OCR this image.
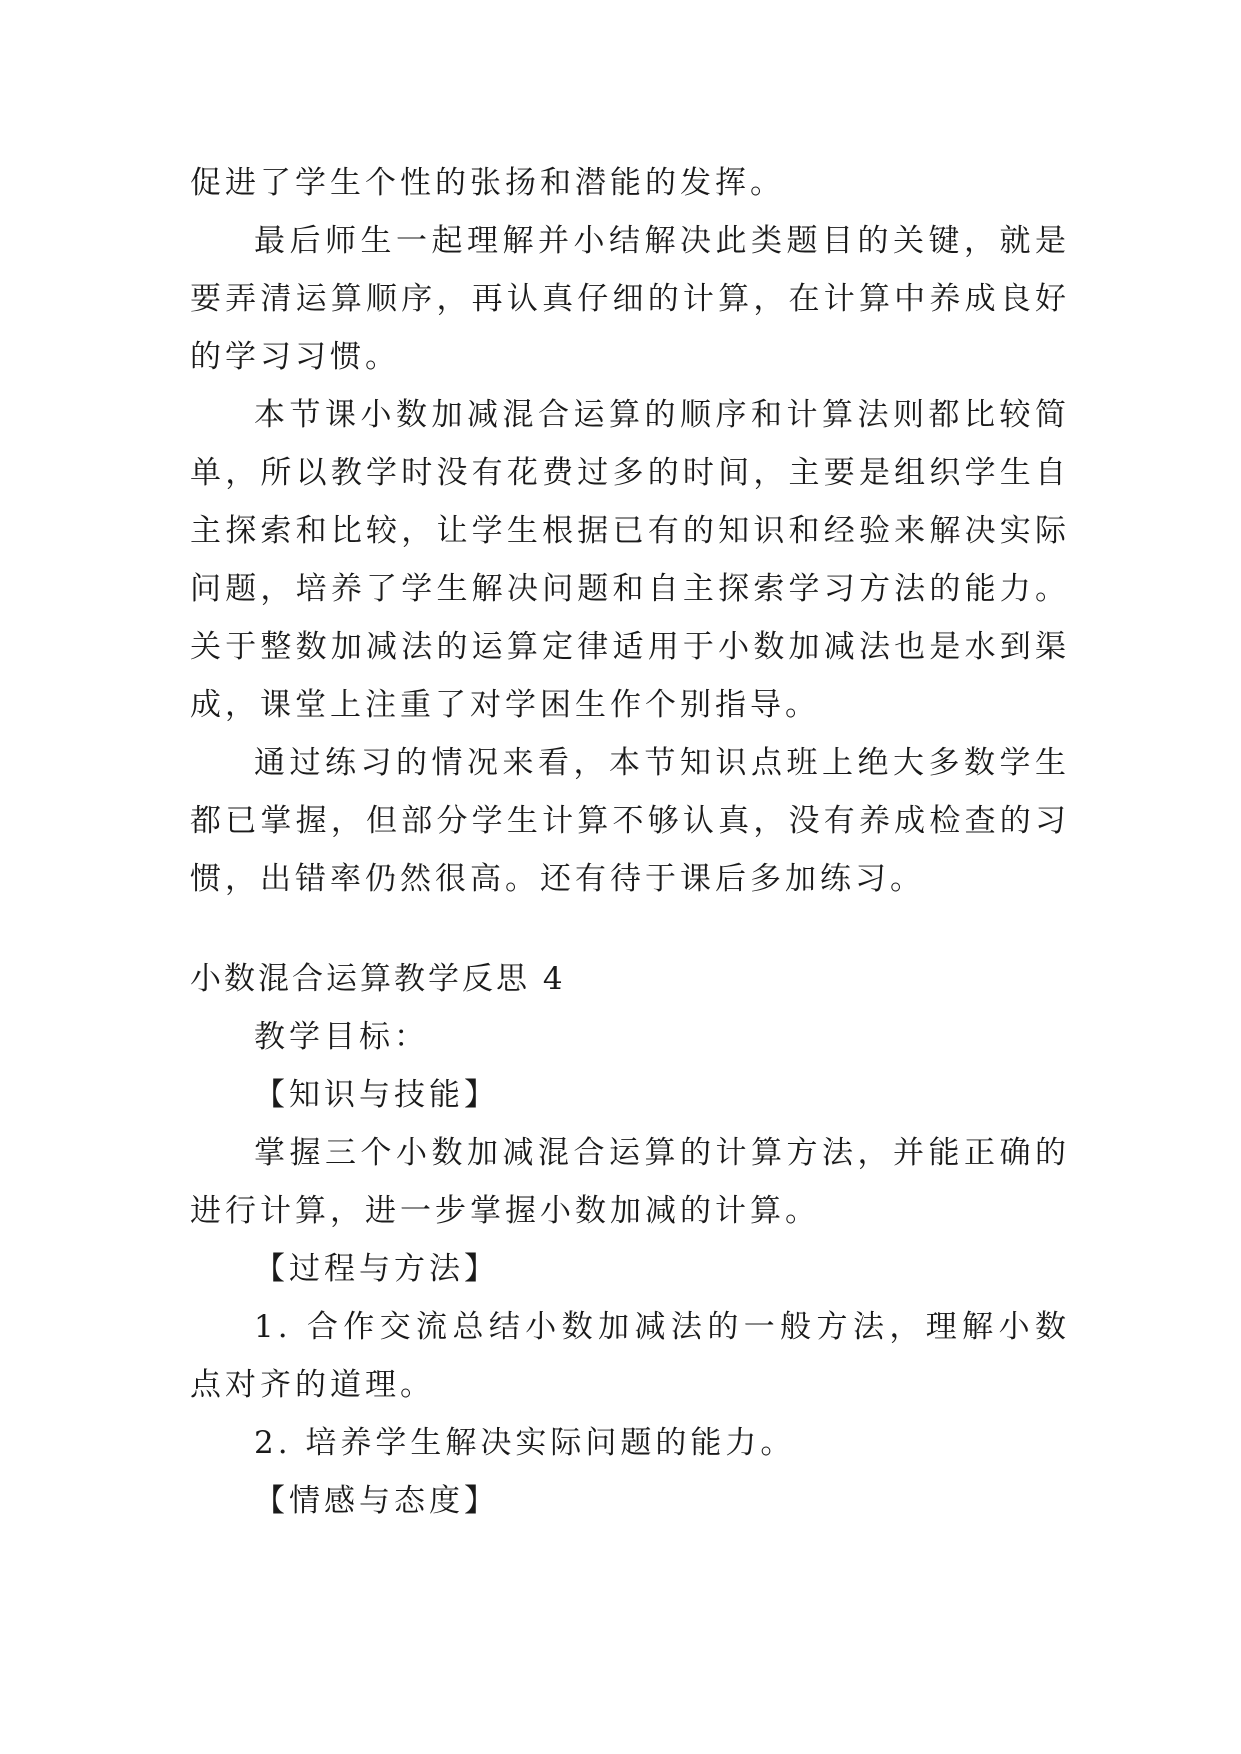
促进了学生个性的张扬和潜能的发挥。

最后师生一起理解并小结解决此类题目的关键，就是要弄清运算顺序，再认真仔细的计算，在计算中养成良好的学习习惯。

本节课小数加减混合运算的顺序和计算法则都比较简单，所以教学时没有花费过多的时间，主要是组织学生自主探索和比较，让学生根据已有的知识和经验来解决实际问题，培养了学生解决问题和自主探索学习方法的能力。关于整数加减法的运算定律适用于小数加减法也是水到渠成，课堂上注重了对学困生作个别指导。

通过练习的情况来看，本节知识点班上绝大多数学生都已掌握，但部分学生计算不够认真，没有养成检查的习惯，出错率仍然很高。还有待于课后多加练习。

小数混合运算教学反思 4

教学目标：

【知识与技能】

掌握三个小数加减混合运算的计算方法，并能正确的进行计算，进一步掌握小数加减的计算。

【过程与方法】

1. 合作交流总结小数加减法的一般方法，理解小数点对齐的道理。

2. 培养学生解决实际问题的能力。

【情感与态度】
